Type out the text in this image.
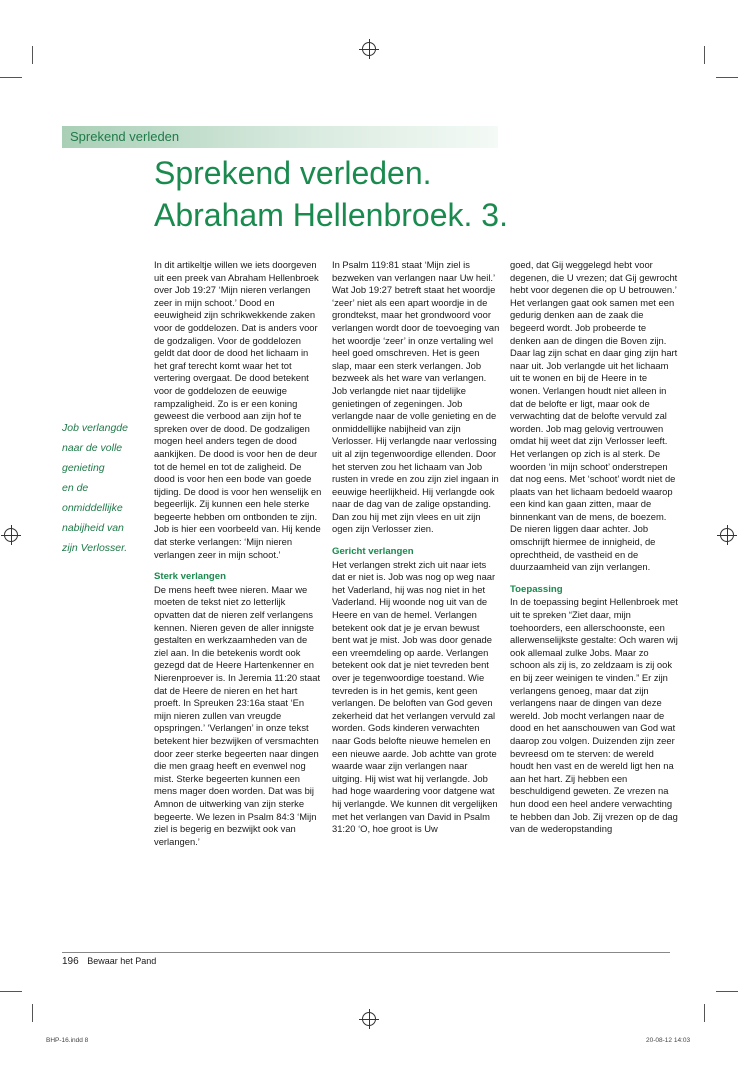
Sprekend verleden
Sprekend verleden.
Abraham Hellenbroek. 3.
Job verlangde
naar de volle
genieting
en de
onmiddellijke
nabijheid van
zijn Verlosser.

In dit artikeltje willen we iets doorgeven uit een preek van Abraham Hellenbroek over Job 19:27 ‘Mijn nieren verlangen zeer in mijn schoot.’ Dood en eeuwigheid zijn schrikwekkende zaken voor de goddelozen. Dat is anders voor de godzaligen. Voor de goddelozen geldt dat door de dood het lichaam in het graf terecht komt waar het tot vertering overgaat. De dood betekent voor de goddelozen de eeuwige rampzaligheid. Zo is er een koning geweest die verbood aan zijn hof te spreken over de dood. De godzaligen mogen heel anders tegen de dood aankijken. De dood is voor hen de deur tot de hemel en tot de zaligheid. De dood is voor hen een bode van goede tijding. De dood is voor hen wenselijk en begeerlijk. Zij kunnen een hele sterke begeerte hebben om ontbonden te zijn. Job is hier een voorbeeld van. Hij kende dat sterke verlangen: ‘Mijn nieren verlangen zeer in mijn schoot.’

Sterk verlangen

De mens heeft twee nieren. Maar we moeten de tekst niet zo letterlijk opvatten dat de nieren zelf verlangens kennen. Nieren geven de aller innigste gestalten en werkzaamheden van de ziel aan. In die betekenis wordt ook gezegd dat de Heere Hartenkenner en Nierenproever is. In Jeremia 11:20 staat dat de Heere de nieren en het hart proeft. In Spreuken 23:16a staat ‘En mijn nieren zullen van vreugde opspringen.’ ‘Verlangen’ in onze tekst betekent hier bezwijken of versmachten door zeer sterke begeerten naar dingen die men graag heeft en evenwel nog mist. Sterke begeerten kunnen een mens mager doen worden. Dat was bij Amnon de uitwerking van zijn sterke begeerte. We lezen in Psalm 84:3 ‘Mijn ziel is begerig en bezwijkt ook van verlangen.’

In Psalm 119:81 staat ‘Mijn ziel is bezweken van verlangen naar Uw heil.’ Wat Job 19:27 betreft staat het woordje ‘zeer’ niet als een apart woordje in de grondtekst, maar het grondwoord voor verlangen wordt door de toevoeging van het woordje ‘zeer’ in onze vertaling wel heel goed omschreven. Het is geen slap, maar een sterk verlangen. Job bezweek als het ware van verlangen. Job verlangde niet naar tijdelijke genietingen of zegeningen. Job verlangde naar de volle genieting en de onmiddellijke nabijheid van zijn Verlosser. Hij verlangde naar verlossing uit al zijn tegenwoordige ellenden. Door het sterven zou het lichaam van Job rusten in vrede en zou zijn ziel ingaan in eeuwige heerlijkheid. Hij verlangde ook naar de dag van de zalige opstanding. Dan zou hij met zijn vlees en uit zijn ogen zijn Verlosser zien.

Gericht verlangen

Het verlangen strekt zich uit naar iets dat er niet is. Job was nog op weg naar het Vaderland, hij was nog niet in het Vaderland. Hij woonde nog uit van de Heere en van de hemel. Verlangen betekent ook dat je je ervan bewust bent wat je mist. Job was door genade een vreemdeling op aarde. Verlangen betekent ook dat je niet tevreden bent over je tegenwoordige toestand. Wie tevreden is in het gemis, kent geen verlangen. De beloften van God geven zekerheid dat het verlangen vervuld zal worden. Gods kinderen verwachten naar Gods belofte nieuwe hemelen en een nieuwe aarde. Job achtte van grote waarde waar zijn verlangen naar uitging. Hij wist wat hij verlangde. Job had hoge waardering voor datgene wat hij verlangde. We kunnen dit vergelijken met het verlangen van David in Psalm 31:20 ‘O, hoe groot is Uw

goed, dat Gij weggelegd hebt voor degenen, die U vrezen; dat Gij gewrocht hebt voor degenen die op U betrouwen.’ Het verlangen gaat ook samen met een gedurig denken aan de zaak die begeerd wordt. Job probeerde te denken aan de dingen die Boven zijn. Daar lag zijn schat en daar ging zijn hart naar uit. Job verlangde uit het lichaam uit te wonen en bij de Heere in te wonen. Verlangen houdt niet alleen in dat de belofte er ligt, maar ook de verwachting dat de belofte vervuld zal worden. Job mag gelovig vertrouwen omdat hij weet dat zijn Verlosser leeft. Het verlangen op zich is al sterk. De woorden ‘in mijn schoot’ onderstrepen dat nog eens. Met ‘schoot’ wordt niet de plaats van het lichaam bedoeld waarop een kind kan gaan zitten, maar de binnenkant van de mens, de boezem. De nieren liggen daar achter. Job omschrijft hiermee de innigheid, de oprechtheid, de vastheid en de duurzaamheid van zijn verlangen.

Toepassing

In de toepassing begint Hellenbroek met uit te spreken “Ziet daar, mijn toehoorders, een allerschoonste, een allerwenselijkste gestalte: Och waren wij ook allemaal zulke Jobs. Maar zo schoon als zij is, zo zeldzaam is zij ook en bij zeer weinigen te vinden.” Er zijn verlangens genoeg, maar dat zijn verlangens naar de dingen van deze wereld. Job mocht verlangen naar de dood en het aanschouwen van God wat daarop zou volgen. Duizenden zijn zeer bevreesd om te sterven: de wereld houdt hen vast en de wereld ligt hen na aan het hart. Zij hebben een beschuldigend geweten. Ze vrezen na hun dood een heel andere verwachting te hebben dan Job. Zij vrezen op de dag van de wederopstanding

196 Bewaar het Pand
BHP-16.indd 8	20-08-12 14:03
